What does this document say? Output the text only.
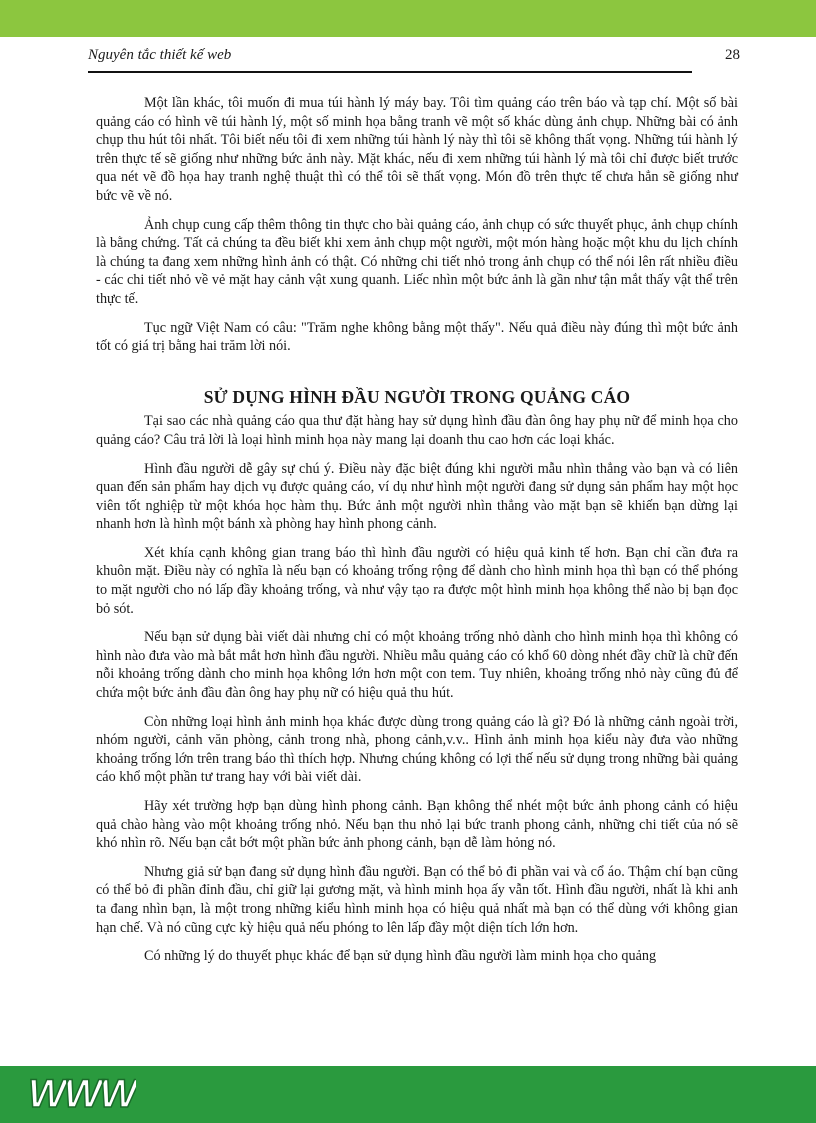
Nguyên tắc thiết kế web	28

Một lần khác, tôi muốn đi mua túi hành lý máy bay. Tôi tìm quảng cáo trên báo và tạp chí. Một số bài quảng cáo có hình vẽ túi hành lý, một số minh họa bằng tranh vẽ một số khác dùng ảnh chụp. Những bài có ảnh chụp thu hút tôi nhất. Tôi biết nếu tôi đi xem những túi hành lý này thì tôi sẽ không thất vọng. Những túi hành lý trên thực tế sẽ giống như những bức ảnh này. Mặt khác, nếu đi xem những túi hành lý mà tôi chỉ được biết trước qua nét vẽ đồ họa hay tranh nghệ thuật thì có thể tôi sẽ thất vọng. Món đồ trên thực tế chưa hẳn sẽ giống như bức vẽ về nó.

Ảnh chụp cung cấp thêm thông tin thực cho bài quảng cáo, ảnh chụp có sức thuyết phục, ảnh chụp chính là bằng chứng. Tất cả chúng ta đều biết khi xem ảnh chụp một người, một món hàng hoặc một khu du lịch chính là chúng ta đang xem những hình ảnh có thật. Có những chi tiết nhỏ trong ảnh chụp có thể nói lên rất nhiều điều - các chi tiết nhỏ về vẻ mặt hay cảnh vật xung quanh. Liếc nhìn một bức ảnh là gần như tận mắt thấy vật thể trên thực tế.

Tục ngữ Việt Nam có câu: "Trăm nghe không bằng một thấy". Nếu quả điều này đúng thì một bức ảnh tốt có giá trị bằng hai trăm lời nói.

SỬ DỤNG HÌNH ĐẦU NGƯỜI TRONG QUẢNG CÁO

Tại sao các nhà quảng cáo qua thư đặt hàng hay sử dụng hình đầu đàn ông hay phụ nữ để minh họa cho quảng cáo? Câu trả lời là loại hình minh họa này mang lại doanh thu cao hơn các loại khác.

Hình đầu người dễ gây sự chú ý. Điều này đặc biệt đúng khi người mẫu nhìn thẳng vào bạn và có liên quan đến sản phẩm hay dịch vụ được quảng cáo, ví dụ như hình một người đang sử dụng sản phẩm hay một học viên tốt nghiệp từ một khóa học hàm thụ. Bức ảnh một người nhìn thẳng vào mặt bạn sẽ khiến bạn dừng lại nhanh hơn là hình một bánh xà phòng hay hình phong cảnh.

Xét khía cạnh không gian trang báo thì hình đầu người có hiệu quả kinh tế hơn. Bạn chỉ cần đưa ra khuôn mặt. Điều này có nghĩa là nếu bạn có khoảng trống rộng để dành cho hình minh họa thì bạn có thể phóng to mặt người cho nó lấp đầy khoảng trống, và như vậy tạo ra được một hình minh họa không thể nào bị bạn đọc bỏ sót.

Nếu bạn sử dụng bài viết dài nhưng chỉ có một khoảng trống nhỏ dành cho hình minh họa thì không có hình nào đưa vào mà bắt mắt hơn hình đầu người. Nhiều mẫu quảng cáo có khổ 60 dòng nhét đầy chữ là chữ đến nỗi khoảng trống dành cho minh họa không lớn hơn một con tem. Tuy nhiên, khoảng trống nhỏ này cũng đủ để chứa một bức ảnh đầu đàn ông hay phụ nữ có hiệu quả thu hút.

Còn những loại hình ảnh minh họa khác được dùng trong quảng cáo là gì? Đó là những cảnh ngoài trời, nhóm người, cảnh văn phòng, cảnh trong nhà, phong cảnh,v.v.. Hình ảnh minh họa kiểu này đưa vào những khoảng trống lớn trên trang báo thì thích hợp. Nhưng chúng không có lợi thế nếu sử dụng trong những bài quảng cáo khổ một phần tư trang hay với bài viết dài.

Hãy xét trường hợp bạn dùng hình phong cảnh. Bạn không thể nhét một bức ảnh phong cảnh có hiệu quả chào hàng vào một khoảng trống nhỏ. Nếu bạn thu nhỏ lại bức tranh phong cảnh, những chi tiết của nó sẽ khó nhìn rõ. Nếu bạn cắt bớt một phần bức ảnh phong cảnh, bạn dễ làm hỏng nó.

Nhưng giả sử bạn đang sử dụng hình đầu người. Bạn có thể bỏ đi phần vai và cổ áo. Thậm chí bạn cũng có thể bỏ đi phần đỉnh đầu, chỉ giữ lại gương mặt, và hình minh họa ấy vẫn tốt. Hình đầu người, nhất là khi anh ta đang nhìn bạn, là một trong những kiểu hình minh họa có hiệu quả nhất mà bạn có thể dùng với không gian hạn chế. Và nó cũng cực kỳ hiệu quả nếu phóng to lên lấp đầy một diện tích lớn hơn.

Có những lý do thuyết phục khác để bạn sử dụng hình đầu người làm minh họa cho quảng

WWW
